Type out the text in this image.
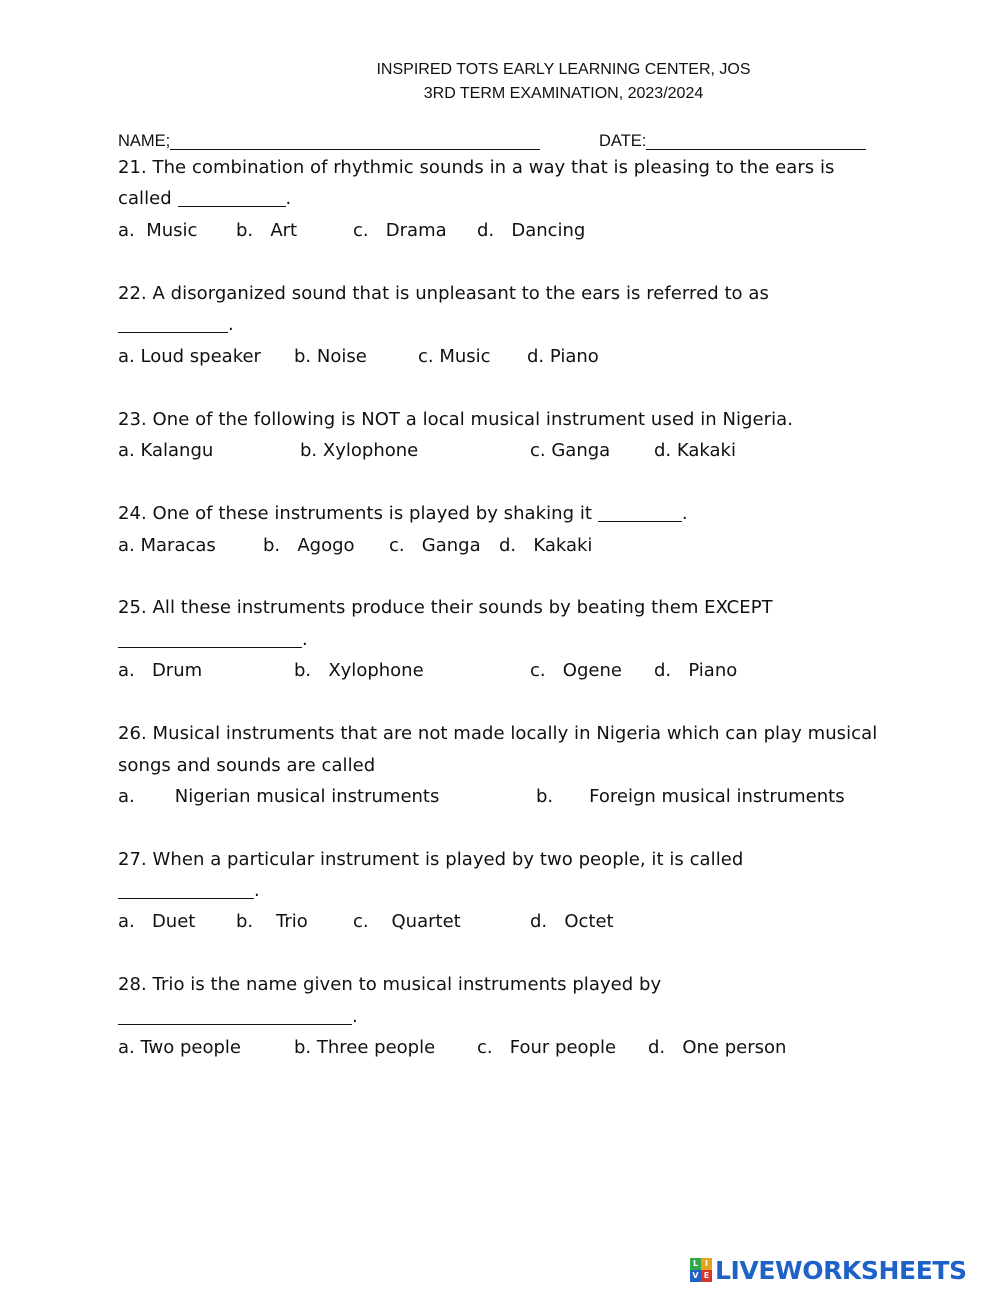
INSPIRED TOTS EARLY LEARNING CENTER, JOS
3RD TERM EXAMINATION, 2023/2024
NAME;	DATE:
21. The combination of rhythmic sounds in a way that is pleasing to the ears is
called	.
a. Music b. Art	c. Drama d. Dancing
22. A disorganized sound that is unpleasant to the ears is referred to as
.
a. Loud speaker b. Noise	c. Music d. Piano
23. One of the following is NOT a local musical instrument used in Nigeria.
a. Kalangu	b. Xylophone	c. Ganga d. Kakaki
24. One of these instruments is played by shaking it	.
a. Maracas	b. Agogo c. Ganga d. Kakaki
25. All these instruments produce their sounds by beating them EXCEPT
.
a. Drum	b. Xylophone	c. Ogene d. Piano
26. Musical instruments that are not made locally in Nigeria which can play musical
songs and sounds are called
a. Nigerian musical instruments	b. Foreign musical instruments
27. When a particular instrument is played by two people, it is called
.
a. Duet b. Trio	c. Quartet	d. Octet
28. Trio is the name given to musical instruments played by
.
a. Two people	b. Three people c. Four people d. One person
L I
V E LIVEWORKSHEETS
